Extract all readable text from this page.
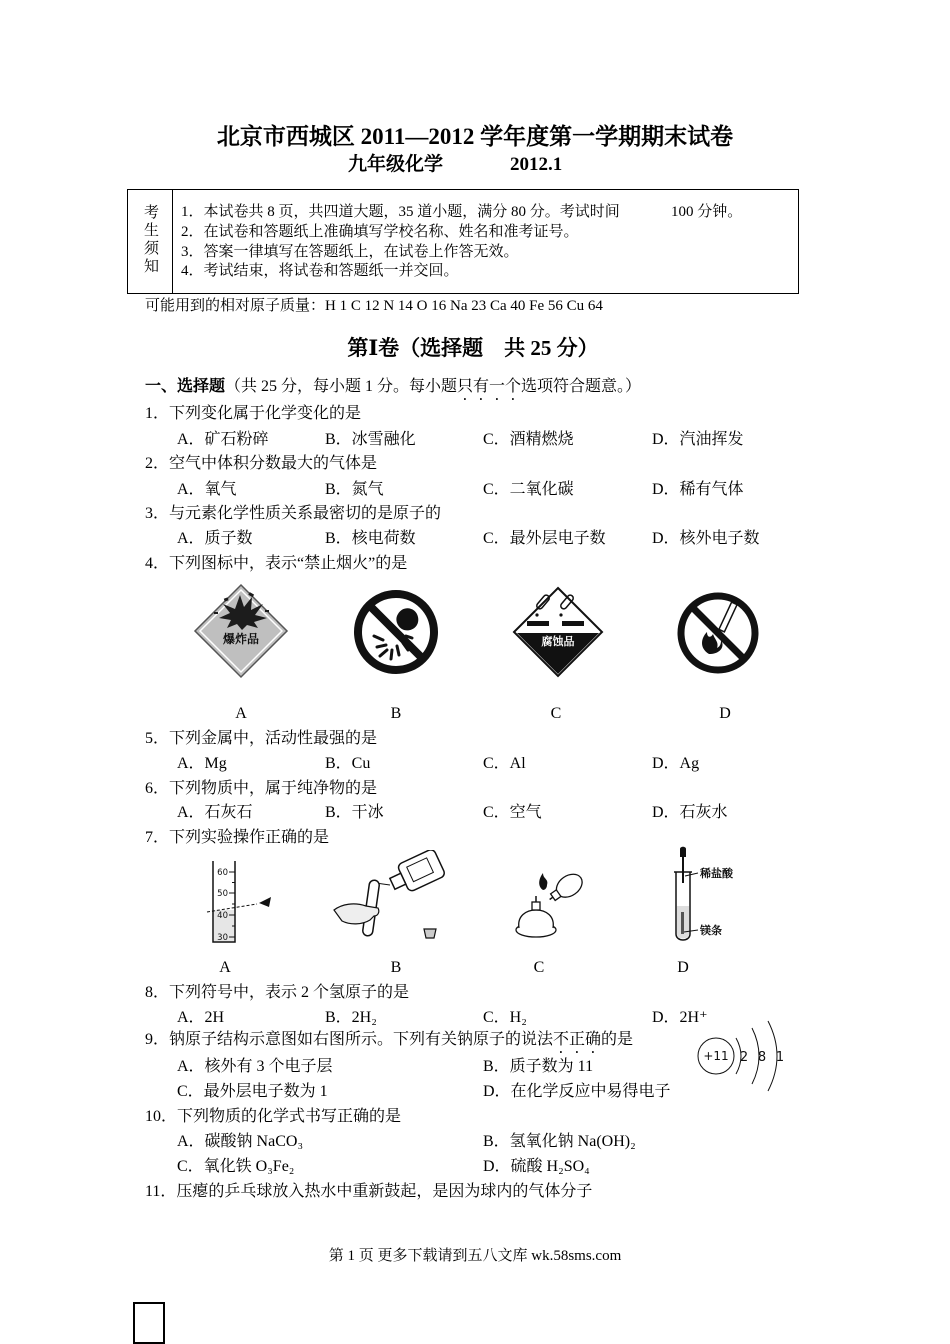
北京市西城区 2011—2012 学年度第一学期期末试卷
九年级化学	2012.1
考生须知 1．本试卷共 8 页，共四道大题，35 道小题，满分 80 分。考试时间	100 分钟。
2．在试卷和答题纸上准确填写学校名称、姓名和准考证号。
3．答案一律填写在答题纸上，在试卷上作答无效。
4．考试结束，将试卷和答题纸一并交回。
可能用到的相对原子质量：H 1 C 12 N 14 O 16 Na 23 Ca 40 Fe 56 Cu 64
第Ⅰ卷（选择题　共 25 分）
一、选择题（共 25 分，每小题 1 分。每小题只有一个选项符合题意。）
1．下列变化属于化学变化的是
A．矿石粉碎	B．冰雪融化	C．酒精燃烧	D．汽油挥发
2．空气中体积分数最大的气体是
A．氧气	B．氮气	C．二氧化碳	D．稀有气体
3．与元素化学性质关系最密切的是原子的
A．质子数	B．核电荷数	C．最外层电子数	D．核外电子数
4．下列图标中，表示“禁止烟火”的是
爆炸品	腐蚀品
A	B	C	D
5．下列金属中，活动性最强的是
A．Mg	B．Cu	C．Al	D．Ag
6．下列物质中，属于纯净物的是
A．石灰石	B．干冰	C．空气	D．石灰水
7．下列实验操作正确的是
60
50
40
30
稀盐酸
镁条
A	B	C	D
8．下列符号中，表示 2 个氢原子的是
A．2H	B．2H₂	C．H₂	D．2H⁺
9．钠原子结构示意图如右图所示。下列有关钠原子的说法不正确的是
+11 2 8 1
A．核外有 3 个电子层	B．质子数为 11
C．最外层电子数为 1	D．在化学反应中易得电子
10．下列物质的化学式书写正确的是
A．碳酸钠 NaCO₃	B．氢氧化钠 Na(OH)₂
C．氧化铁 O₃Fe₂	D．硫酸 H₂SO₄
11．压瘪的乒乓球放入热水中重新鼓起，是因为球内的气体分子
第 1 页 更多下载请到五八文库 wk.58sms.com
